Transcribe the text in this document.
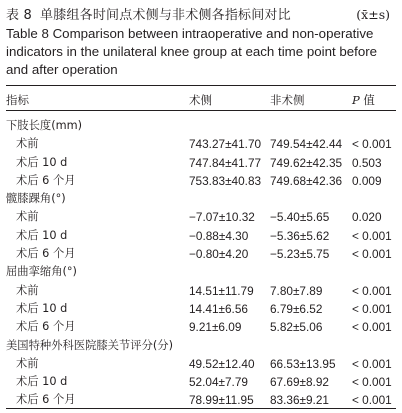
表 8 单膝组各时间点术侧与非术侧各指标间对比	(x̄±s)
Table 8 Comparison between intraoperative and non-operative indicators in the unilateral knee group at each time point before and after operation
指标	术侧	非术侧	P 值
下肢长度(mm)
术前	743.27±41.70 749.54±42.44 < 0.001
术后 10 d	747.84±41.77 749.62±42.35 0.503
术后 6 个月	753.83±40.83 749.68±42.36 0.009
髋膝踝角(°)
术前	−7.07±10.32 −5.40±5.65 0.020
术后 10 d	−0.88±4.30 −5.36±5.62 < 0.001
术后 6 个月	−0.80±4.20 −5.23±5.75 < 0.001
屈曲挛缩角(°)
术前	14.51±11.79 7.80±7.89	< 0.001
术后 10 d	14.41±6.56 6.79±6.52	< 0.001
术后 6 个月	9.21±6.09 5.82±5.06	< 0.001
美国特种外科医院膝关节评分(分)
术前	49.52±12.40 66.53±13.95 < 0.001
术后 10 d	52.04±7.79 67.69±8.92 < 0.001
术后 6 个月	78.99±11.95 83.36±9.21 < 0.001
